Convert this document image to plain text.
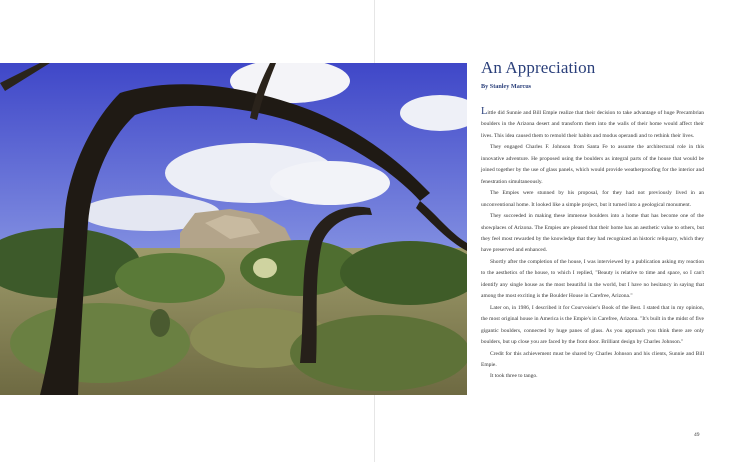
An Appreciation
By Stanley Marcus

Little did Sunnie and Bill Empie realize that their decision to take advantage of huge Precambrian boulders in the Arizona desert and transform them into the walls of their home would affect their lives. This idea caused them to remold their habits and modus operandi and to rethink their lives.

They engaged Charles F. Johnson from Santa Fe to assume the architectural role in this innovative adventure. He proposed using the boulders as integral parts of the house that would be joined together by the use of glass panels, which would provide weatherproofing for the interior and fenestration simultaneously.

The Empies were stunned by his proposal, for they had not previously lived in an unconventional home. It looked like a simple project, but it turned into a geological monument.

They succeeded in making these immense boulders into a home that has become one of the showplaces of Arizona. The Empies are pleased that their home has an aesthetic value to others, but they feel most rewarded by the knowledge that they had recognized an historic reliquary, which they have preserved and enhanced.

Shortly after the completion of the house, I was interviewed by a publication asking my reaction to the aesthetics of the house, to which I replied, "Beauty is relative to time and space, so I can't identify any single house as the most beautiful in the world, but I have no hesitancy in saying that among the most exciting is the Boulder House in Carefree, Arizona."

Later on, in 1986, I described it for Courvoisier's Book of the Best. I stated that in my opinion, the most original house in America is the Empie's in Carefree, Arizona. "It's built in the midst of five gigantic boulders, connected by huge panes of glass. As you approach you think there are only boulders, but up close you are faced by the front door. Brilliant design by Charles Johnson."

Credit for this achievement must be shared by Charles Johnson and his clients, Sunnie and Bill Empie.

It took three to tango.

49
